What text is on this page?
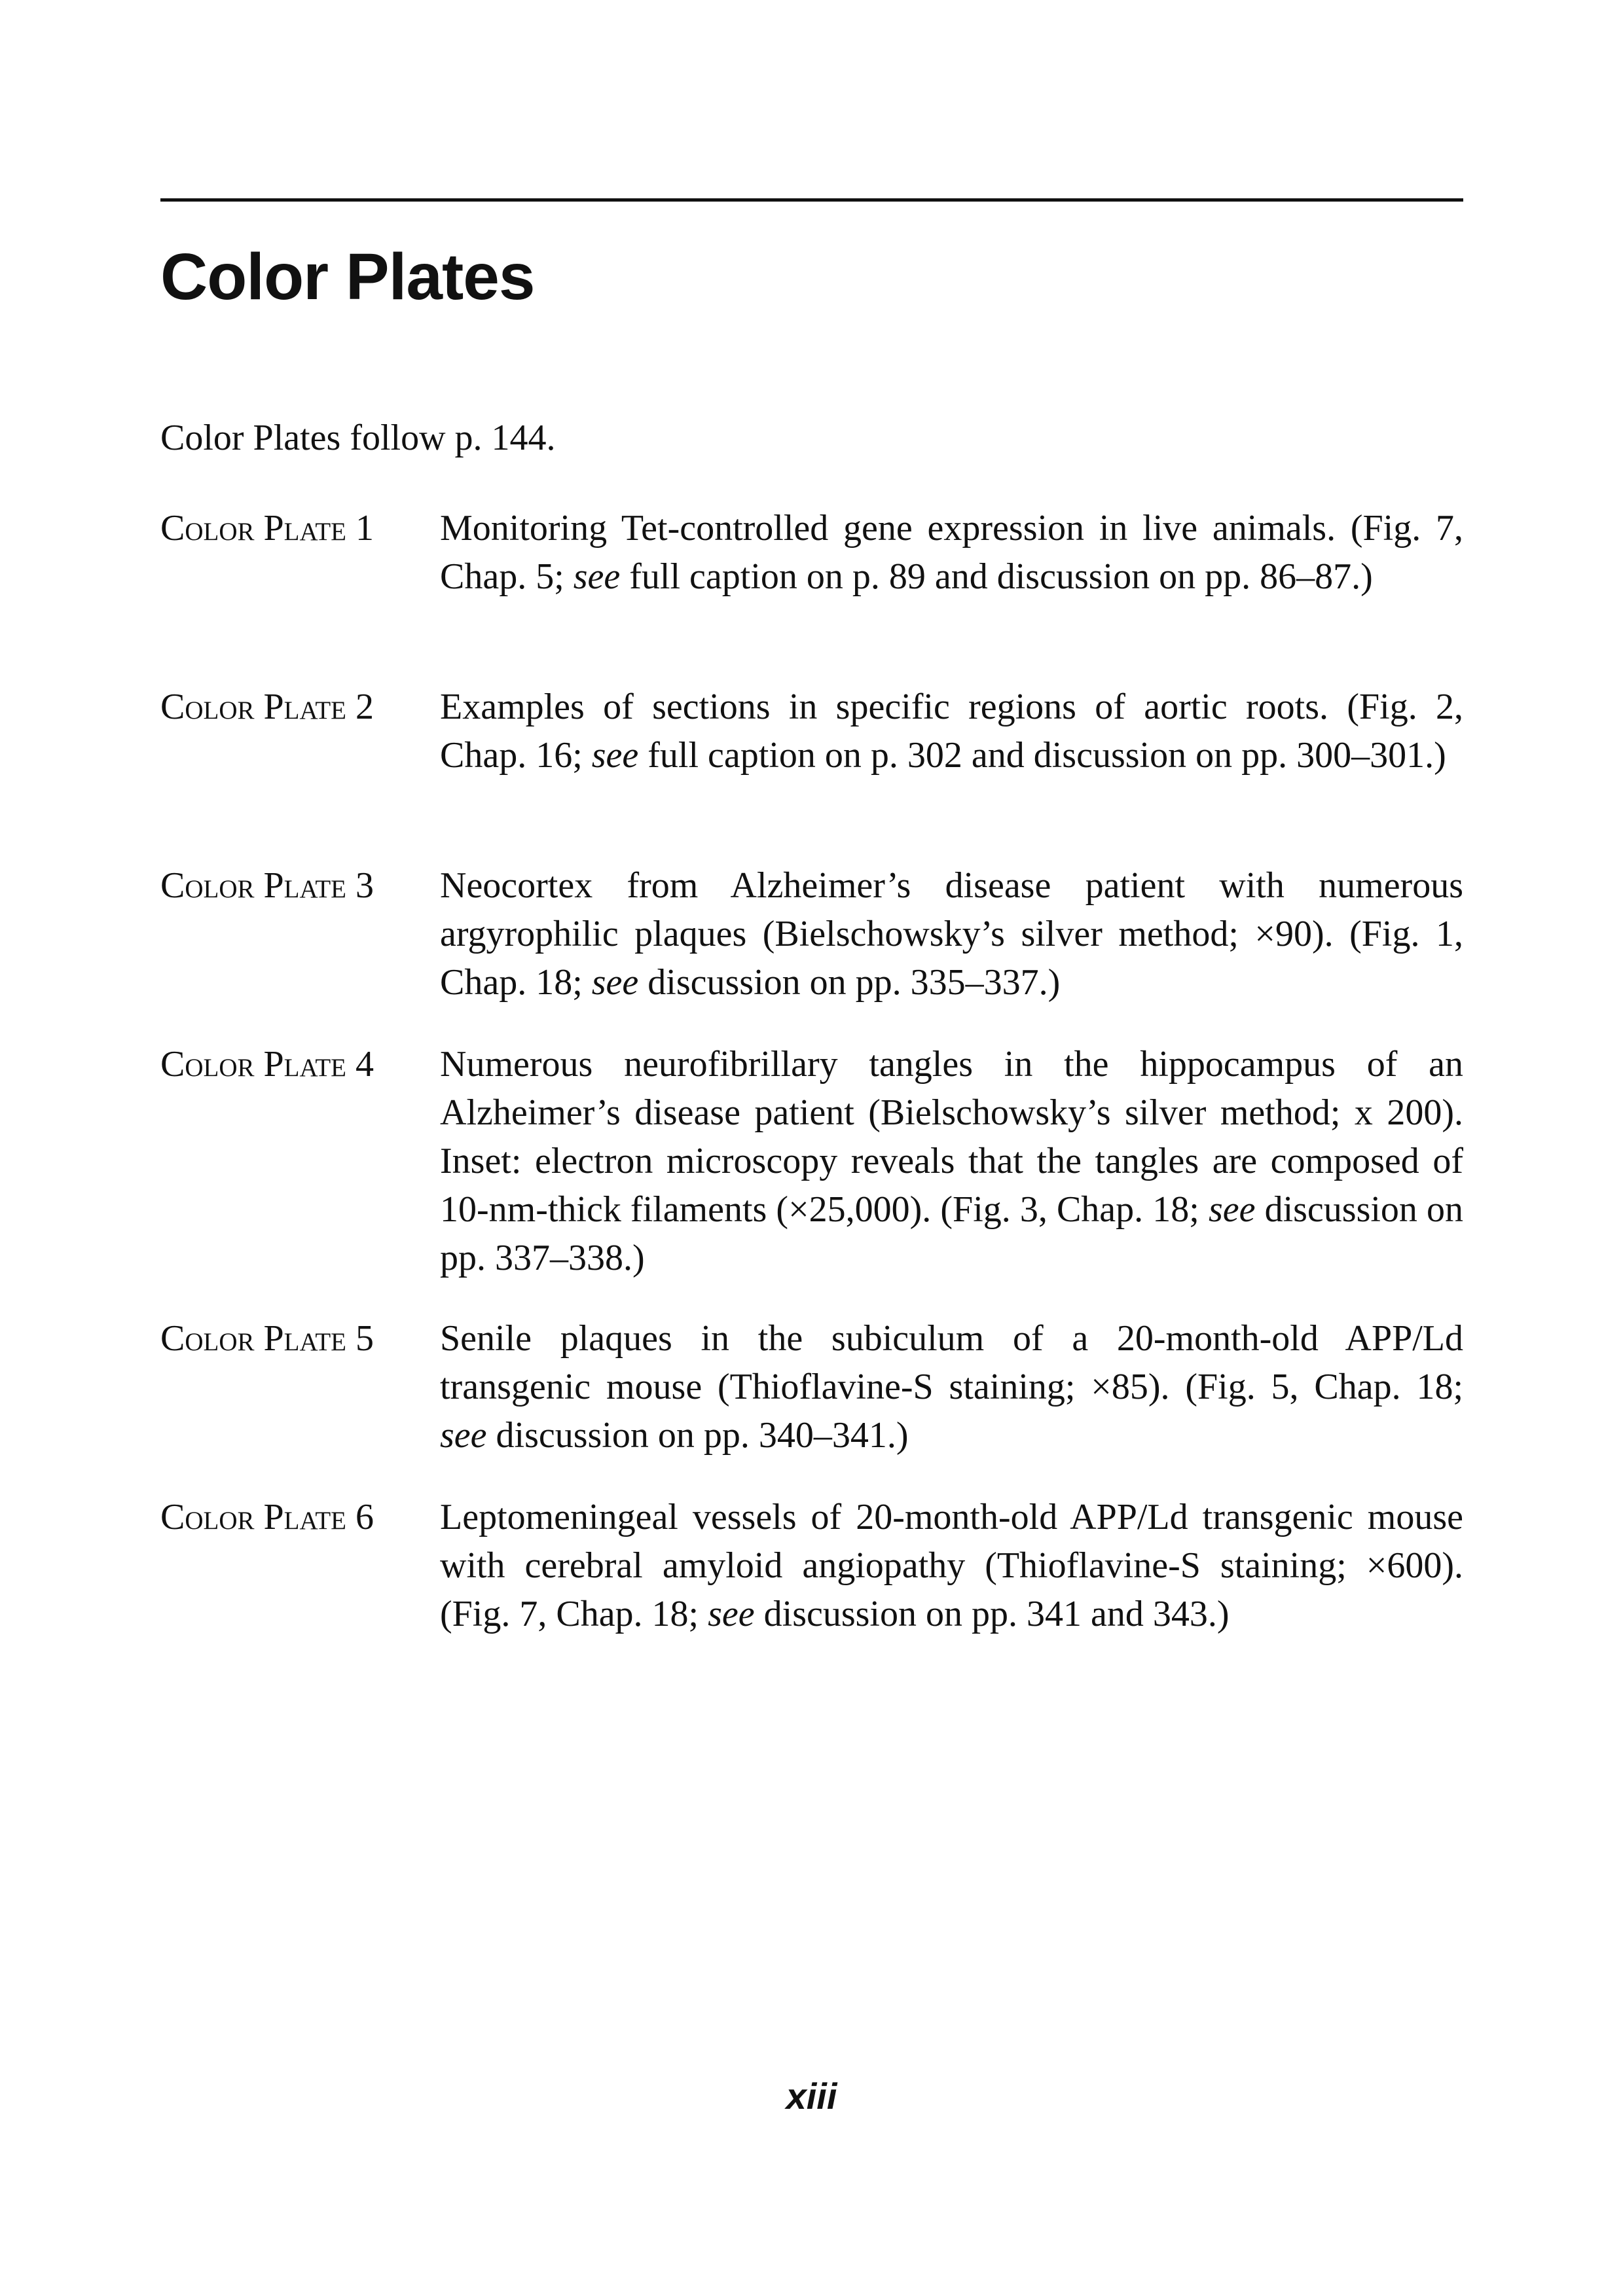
Color Plates
Color Plates follow p. 144.
Color Plate 1	Monitoring Tet-controlled gene expression in live animals. (Fig. 7, Chap. 5; see full caption on p. 89 and discussion on pp. 86–87.)
Color Plate 2	Examples of sections in specific regions of aortic roots. (Fig. 2, Chap. 16; see full caption on p. 302 and discussion on pp. 300–301.)
Color Plate 3	Neocortex from Alzheimer’s disease patient with numerous argyrophilic plaques (Bielschowsky’s silver method; ×90). (Fig. 1, Chap. 18; see discussion on pp. 335–337.)
Color Plate 4	Numerous neurofibrillary tangles in the hippocampus of an Alzheimer’s disease patient (Bielschowsky’s silver method; x 200). Inset: electron microscopy reveals that the tangles are composed of 10-nm-thick filaments (×25,000). (Fig. 3, Chap. 18; see discussion on pp. 337–338.)
Color Plate 5	Senile plaques in the subiculum of a 20-month-old APP/Ld transgenic mouse (Thioflavine-S staining; ×85). (Fig. 5, Chap. 18; see discussion on pp. 340–341.)
Color Plate 6	Leptomeningeal vessels of 20-month-old APP/Ld transgenic mouse with cerebral amyloid angiopathy (Thioflavine-S staining; ×600). (Fig. 7, Chap. 18; see discussion on pp. 341 and 343.)
xiii
